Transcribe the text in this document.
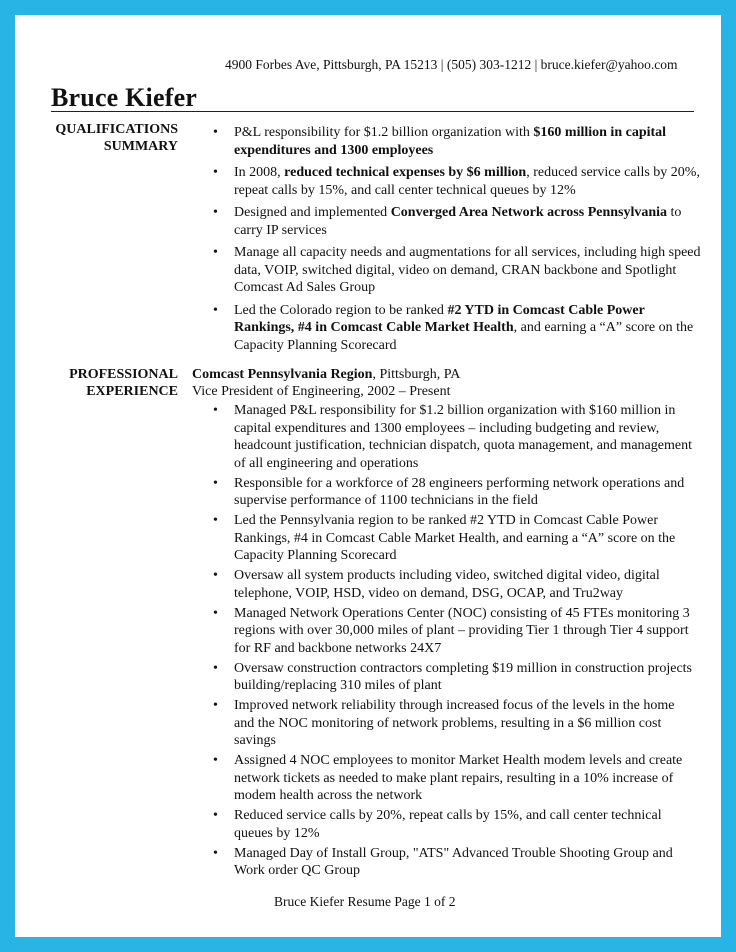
4900 Forbes Ave, Pittsburgh, PA 15213 | (505) 303-1212 | bruce.kiefer@yahoo.com
Bruce Kiefer
QUALIFICATIONS
SUMMARY
• P&L responsibility for $1.2 billion organization with $160 million in capital expenditures and 1300 employees
• In 2008, reduced technical expenses by $6 million, reduced service calls by 20%, repeat calls by 15%, and call center technical queues by 12%
• Designed and implemented Converged Area Network across Pennsylvania to carry IP services
• Manage all capacity needs and augmentations for all services, including high speed data, VOIP, switched digital, video on demand, CRAN backbone and Spotlight Comcast Ad Sales Group
• Led the Colorado region to be ranked #2 YTD in Comcast Cable Power Rankings, #4 in Comcast Cable Market Health, and earning a “A” score on the Capacity Planning Scorecard
PROFESSIONAL
EXPERIENCE
Comcast Pennsylvania Region, Pittsburgh, PA
Vice President of Engineering, 2002 – Present
• Managed P&L responsibility for $1.2 billion organization with $160 million in capital expenditures and 1300 employees – including budgeting and review, headcount justification, technician dispatch, quota management, and management of all engineering and operations
• Responsible for a workforce of 28 engineers performing network operations and supervise performance of 1100 technicians in the field
• Led the Pennsylvania region to be ranked #2 YTD in Comcast Cable Power Rankings, #4 in Comcast Cable Market Health, and earning a “A” score on the Capacity Planning Scorecard
• Oversaw all system products including video, switched digital video, digital telephone, VOIP, HSD, video on demand, DSG, OCAP, and Tru2way
• Managed Network Operations Center (NOC) consisting of 45 FTEs monitoring 3 regions with over 30,000 miles of plant – providing Tier 1 through Tier 4 support for RF and backbone networks 24X7
• Oversaw construction contractors completing $19 million in construction projects building/replacing 310 miles of plant
• Improved network reliability through increased focus of the levels in the home and the NOC monitoring of network problems, resulting in a $6 million cost savings
• Assigned 4 NOC employees to monitor Market Health modem levels and create network tickets as needed to make plant repairs, resulting in a 10% increase of modem health across the network
• Reduced service calls by 20%, repeat calls by 15%, and call center technical queues by 12%
• Managed Day of Install Group, "ATS" Advanced Trouble Shooting Group and Work order QC Group
Bruce Kiefer Resume Page 1 of 2
